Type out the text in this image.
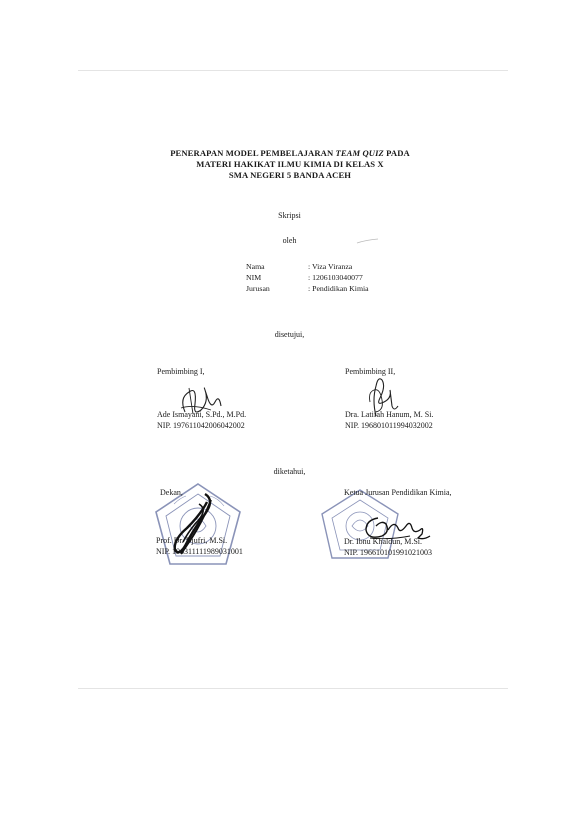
PENERAPAN MODEL PEMBELAJARAN TEAM QUIZ PADA
MATERI HAKIKAT ILMU KIMIA DI KELAS X
SMA NEGERI 5 BANDA ACEH
Skripsi
oleh
Nama	: Viza Viranza
NIM	: 1206103040077
Jurusan	: Pendidikan Kimia
disetujui,
Pembimbing I,
Ade Ismayani, S.Pd., M.Pd.
NIP. 197611042006042002
Pembimbing II,
Dra. Latifah Hanum, M. Si.
NIP. 196801011994032002
diketahui,
Dekan,
Prof. Dr. Djufri, M.Si.
NIP. 196311111989031001
Ketua Jurusan Pendidikan Kimia,
Dr. Ibnu Khaldun, M.Si.
NIP. 196610101991021003
